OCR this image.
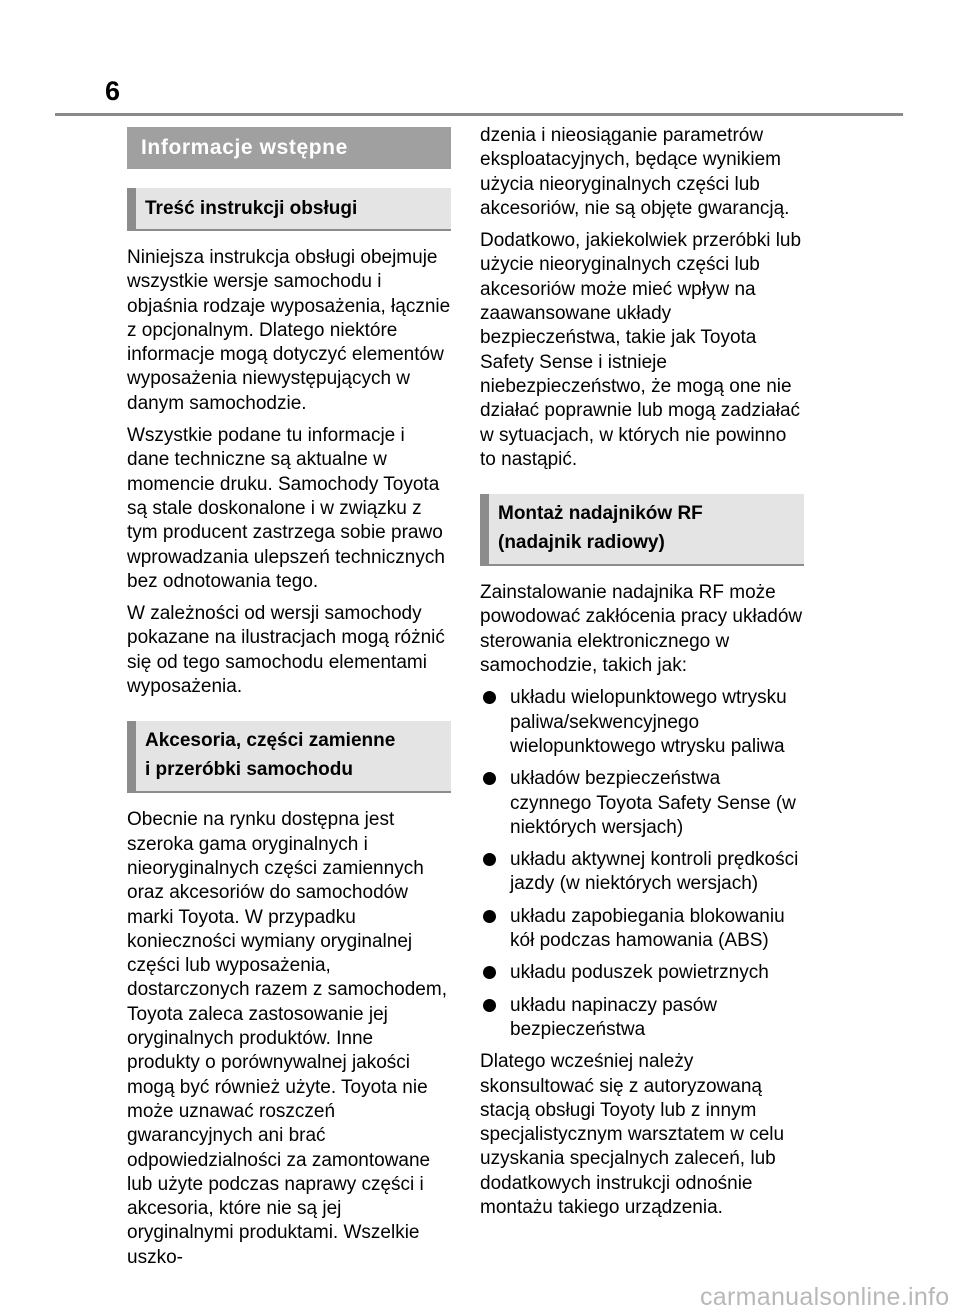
6
Informacje wstępne
Treść instrukcji obsługi

Niniejsza instrukcja obsługi obejmuje wszystkie wersje samochodu i objaśnia rodzaje wyposażenia, łącznie z opcjonalnym. Dlatego niektóre informacje mogą dotyczyć elementów wyposażenia niewystępujących w danym samochodzie.

Wszystkie podane tu informacje i dane techniczne są aktualne w momencie druku. Samochody Toyota są stale doskonalone i w związku z tym producent zastrzega sobie prawo wprowadzania ulepszeń technicznych bez odnotowania tego.

W zależności od wersji samochody pokazane na ilustracjach mogą różnić się od tego samochodu elementami wyposażenia.

Akcesoria, części zamienne
i przeróbki samochodu

Obecnie na rynku dostępna jest szeroka gama oryginalnych i nieoryginalnych części zamiennych oraz akcesoriów do samochodów marki Toyota. W przypadku konieczności wymiany oryginalnej części lub wyposażenia, dostarczonych razem z samochodem, Toyota zaleca zastosowanie jej oryginalnych produktów. Inne produkty o porównywalnej jakości mogą być również użyte. Toyota nie może uznawać roszczeń gwarancyjnych ani brać odpowiedzialności za zamontowane lub użyte podczas naprawy części i akcesoria, które nie są jej oryginalnymi produktami. Wszelkie uszko-

dzenia i nieosiąganie parametrów eksploatacyjnych, będące wynikiem użycia nieoryginalnych części lub akcesoriów, nie są objęte gwarancją.

Dodatkowo, jakiekolwiek przeróbki lub użycie nieoryginalnych części lub akcesoriów może mieć wpływ na zaawansowane układy bezpieczeństwa, takie jak Toyota Safety Sense i istnieje niebezpieczeństwo, że mogą one nie działać poprawnie lub mogą zadziałać w sytuacjach, w których nie powinno to nastąpić.

Montaż nadajników RF
(nadajnik radiowy)

Zainstalowanie nadajnika RF może powodować zakłócenia pracy układów sterowania elektronicznego w samochodzie, takich jak:

układu wielopunktowego wtrysku paliwa/sekwencyjnego wielopunktowego wtrysku paliwa
układów bezpieczeństwa czynnego Toyota Safety Sense (w niektórych wersjach)
układu aktywnej kontroli prędkości jazdy (w niektórych wersjach)
układu zapobiegania blokowaniu kół podczas hamowania (ABS)
układu poduszek powietrznych
układu napinaczy pasów bezpieczeństwa

Dlatego wcześniej należy skonsultować się z autoryzowaną stacją obsługi Toyoty lub z innym specjalistycznym warsztatem w celu uzyskania specjalnych zaleceń, lub dodatkowych instrukcji odnośnie montażu takiego urządzenia.

carmanualsonline.info
